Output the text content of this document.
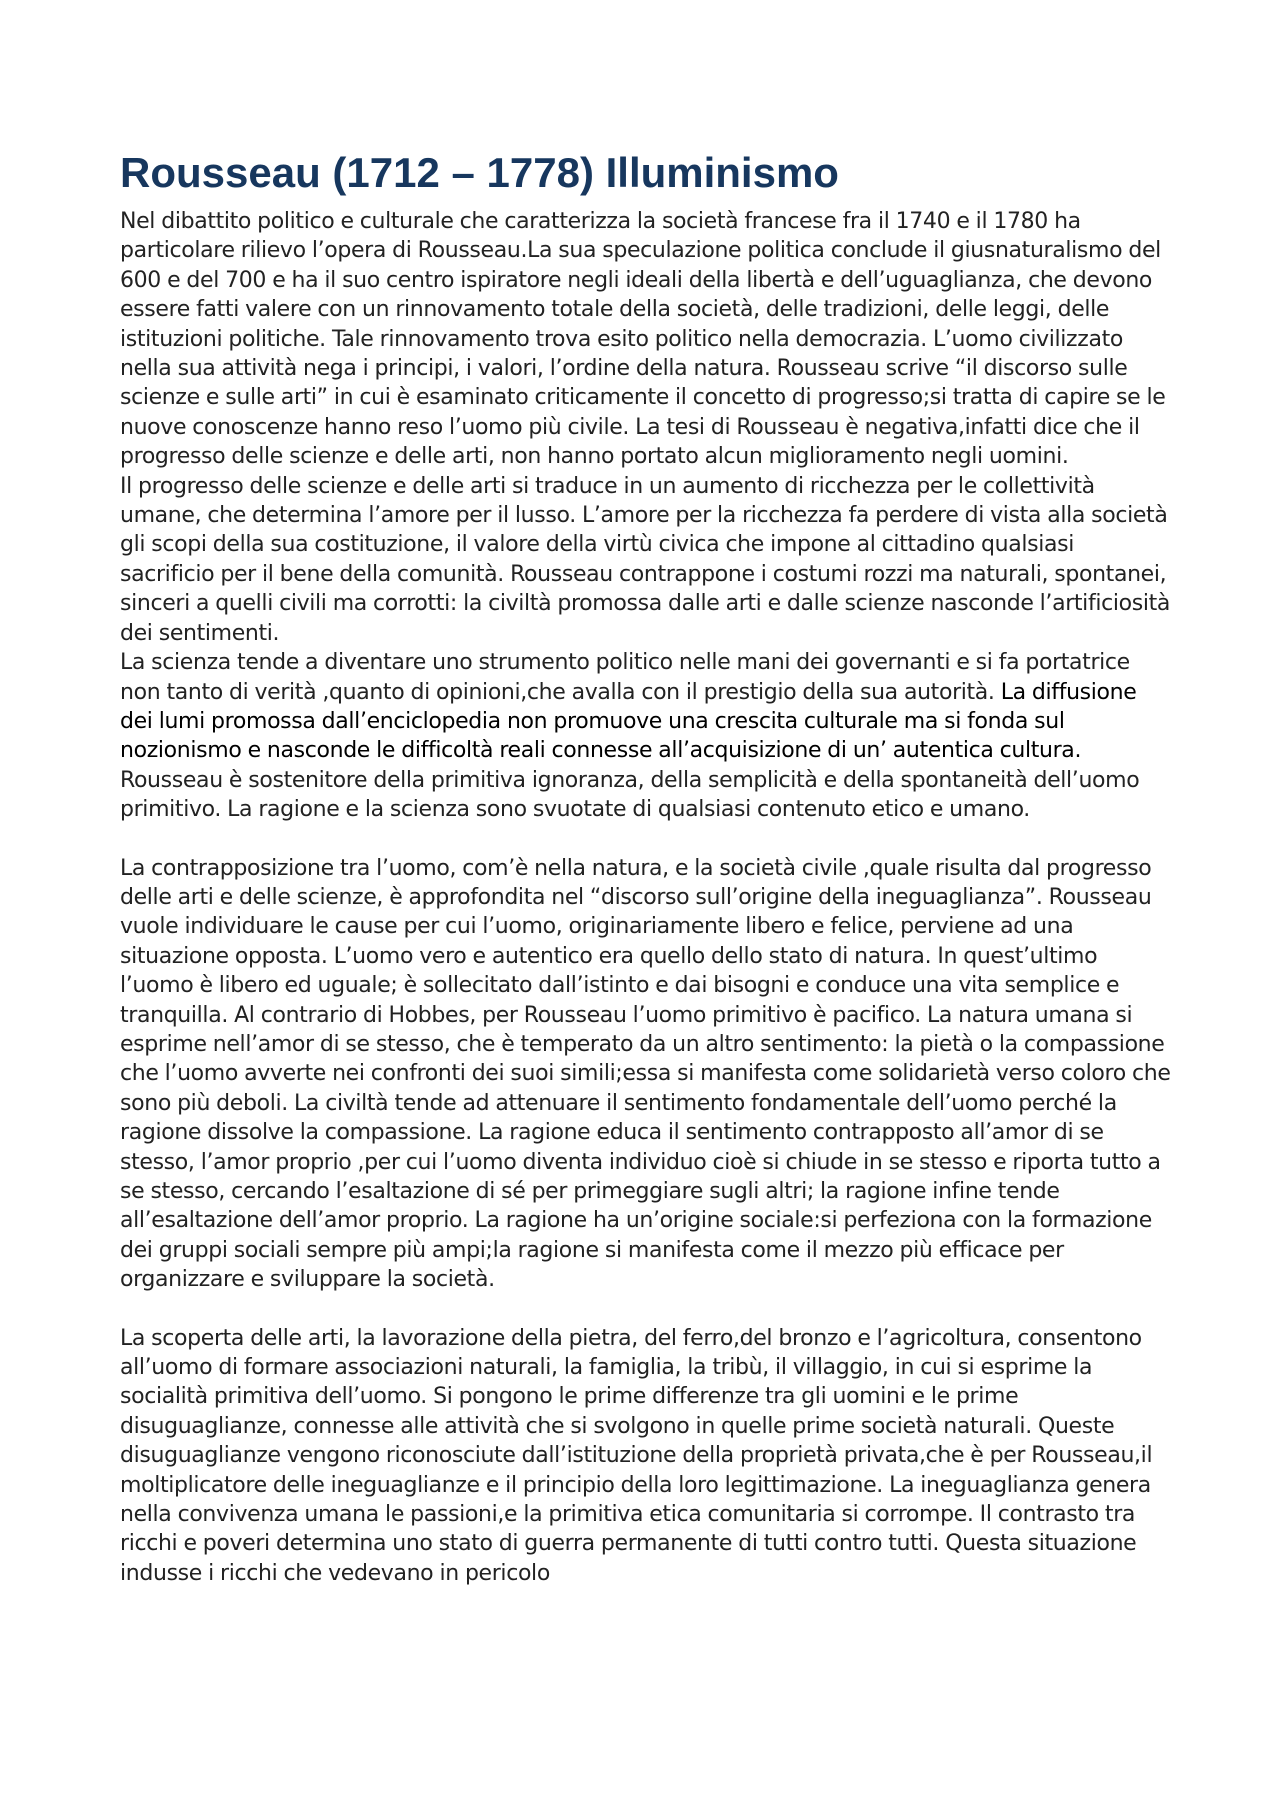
Rousseau (1712 – 1778) Illuminismo

Nel dibattito politico e culturale che caratterizza la società francese fra il 1740 e il 1780 ha particolare rilievo l’opera di Rousseau.La sua speculazione politica conclude il giusnaturalismo del 600 e del 700 e ha il suo centro ispiratore negli ideali della libertà e dell’uguaglianza, che devono essere fatti valere con un rinnovamento totale della società, delle tradizioni, delle leggi, delle istituzioni politiche. Tale rinnovamento trova esito politico nella democrazia. L’uomo civilizzato nella sua attività nega i principi, i valori, l’ordine della natura. Rousseau scrive “il discorso sulle scienze e sulle arti” in cui è esaminato criticamente il concetto di progresso;si tratta di capire se le nuove conoscenze hanno reso l’uomo più civile. La tesi di Rousseau è negativa,infatti dice che il progresso delle scienze e delle arti, non hanno portato alcun miglioramento negli uomini.

Il progresso delle scienze e delle arti si traduce in un aumento di ricchezza per le collettività umane, che determina l’amore per il lusso. L’amore per la ricchezza fa perdere di vista alla società gli scopi della sua costituzione, il valore della virtù civica che impone al cittadino qualsiasi sacrificio per il bene della comunità. Rousseau contrappone i costumi rozzi ma naturali, spontanei, sinceri a quelli civili ma corrotti: la civiltà promossa dalle arti e dalle scienze nasconde l’artificiosità dei sentimenti.

La scienza tende a diventare uno strumento politico nelle mani dei governanti e si fa portatrice non tanto di verità ,quanto di opinioni,che avalla con il prestigio della sua autorità. La diffusione dei lumi promossa dall’enciclopedia non promuove una crescita culturale ma si fonda sul nozionismo e nasconde le difficoltà reali connesse all’acquisizione di un’ autentica cultura. Rousseau è sostenitore della primitiva ignoranza, della semplicità e della spontaneità dell’uomo primitivo. La ragione e la scienza sono svuotate di qualsiasi contenuto etico e umano.

La contrapposizione tra l’uomo, com’è nella natura, e la società civile ,quale risulta dal progresso delle arti e delle scienze, è approfondita nel “discorso sull’origine della ineguaglianza”. Rousseau vuole individuare le cause per cui l’uomo, originariamente libero e felice, perviene ad una situazione opposta. L’uomo vero e autentico era quello dello stato di natura. In quest’ultimo l’uomo è libero ed uguale; è sollecitato dall’istinto e dai bisogni e conduce una vita semplice e tranquilla. Al contrario di Hobbes, per Rousseau l’uomo primitivo è pacifico. La natura umana si esprime nell’amor di se stesso, che è temperato da un altro sentimento: la pietà o la compassione che l’uomo avverte nei confronti dei suoi simili;essa si manifesta come solidarietà verso coloro che sono più deboli. La civiltà tende ad attenuare il sentimento fondamentale dell’uomo perché la ragione dissolve la compassione. La ragione educa il sentimento contrapposto all’amor di se stesso, l’amor proprio ,per cui l’uomo diventa individuo cioè si chiude in se stesso e riporta tutto a se stesso, cercando l’esaltazione di sé per primeggiare sugli altri; la ragione infine tende all’esaltazione dell’amor proprio. La ragione ha un’origine sociale:si perfeziona con la formazione dei gruppi sociali sempre più ampi;la ragione si manifesta come il mezzo più efficace per organizzare e sviluppare la società.

La scoperta delle arti, la lavorazione della pietra, del ferro,del bronzo e l’agricoltura, consentono all’uomo di formare associazioni naturali, la famiglia, la tribù, il villaggio, in cui si esprime la socialità primitiva dell’uomo. Si pongono le prime differenze tra gli uomini e le prime disuguaglianze, connesse alle attività che si svolgono in quelle prime società naturali. Queste disuguaglianze vengono riconosciute dall’istituzione della proprietà privata,che è per Rousseau,il moltiplicatore delle ineguaglianze e il principio della loro legittimazione. La ineguaglianza genera nella convivenza umana le passioni,e la primitiva etica comunitaria si corrompe. Il contrasto tra ricchi e poveri determina uno stato di guerra permanente di tutti contro tutti. Questa situazione indusse i ricchi che vedevano in pericolo
